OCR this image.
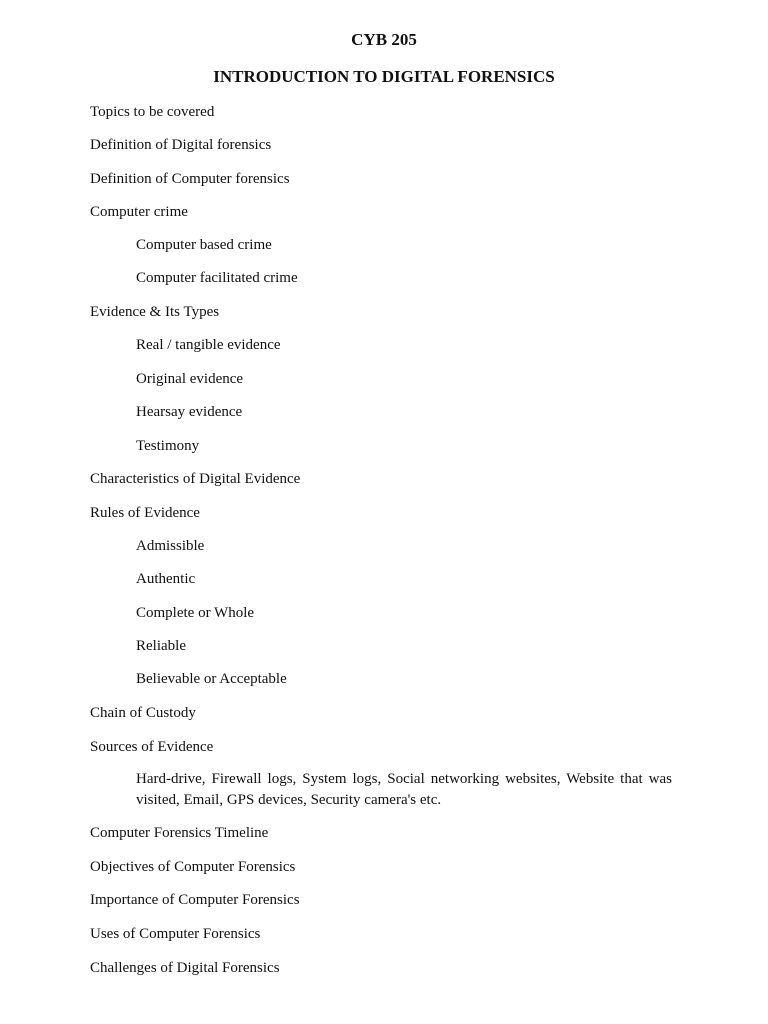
CYB 205
INTRODUCTION TO DIGITAL FORENSICS

Topics to be covered

Definition of Digital forensics

Definition of Computer forensics

Computer crime

Computer based crime

Computer facilitated crime

Evidence & Its Types

Real / tangible evidence

Original evidence

Hearsay evidence

Testimony

Characteristics of Digital Evidence

Rules of Evidence

Admissible

Authentic

Complete or Whole

Reliable

Believable or Acceptable

Chain of Custody

Sources of Evidence

Hard-drive, Firewall logs, System logs, Social networking websites, Website that was visited, Email, GPS devices, Security camera's etc.

Computer Forensics Timeline

Objectives of Computer Forensics

Importance of Computer Forensics

Uses of Computer Forensics

Challenges of Digital Forensics
